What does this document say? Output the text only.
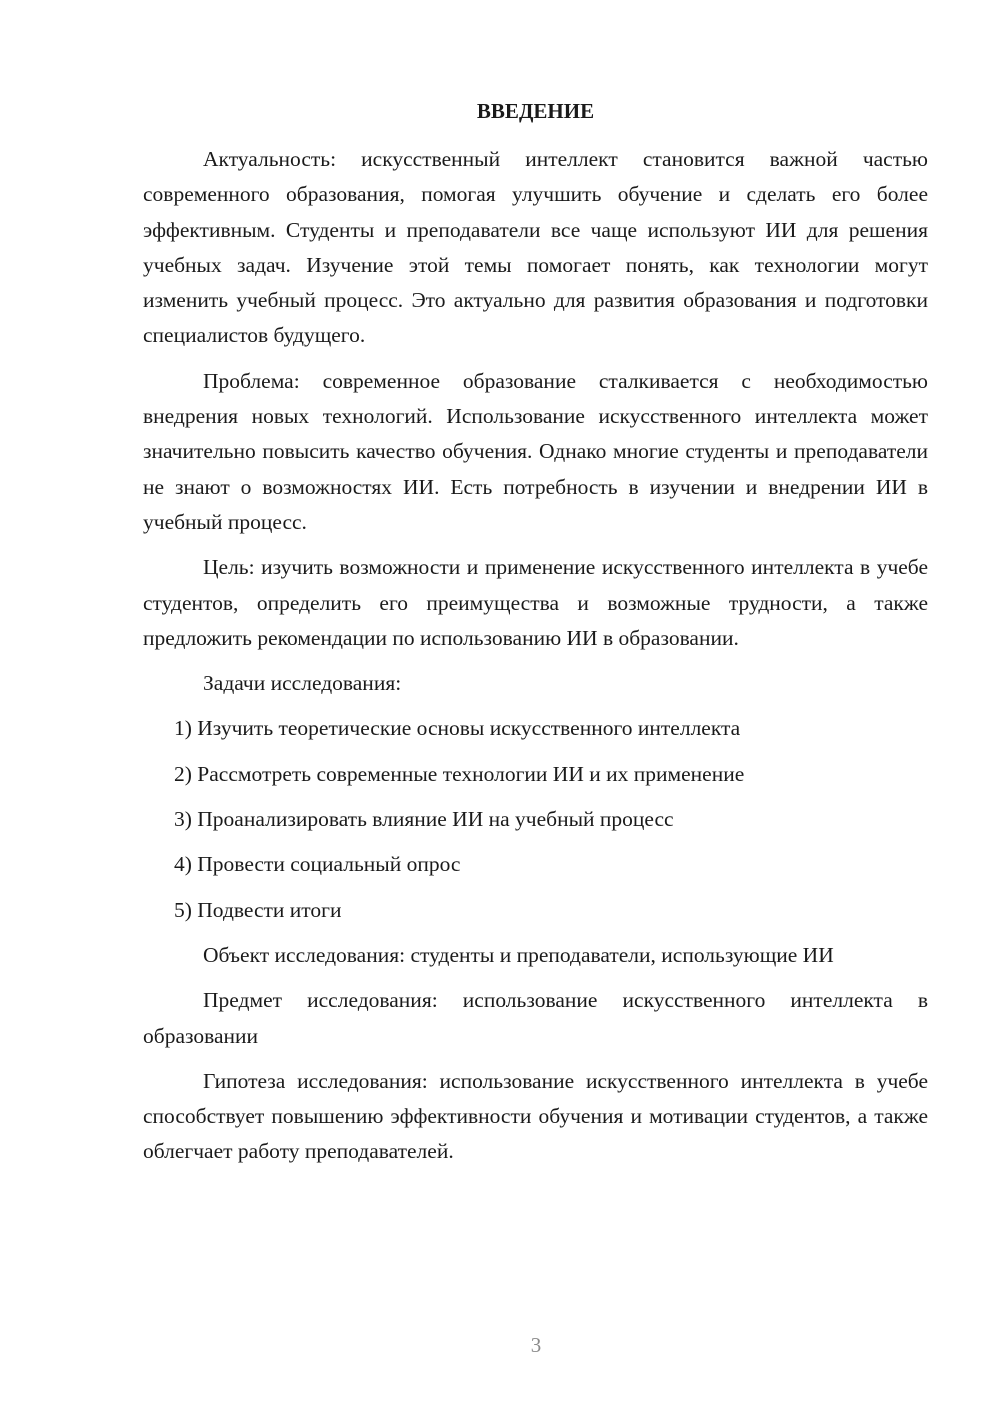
ВВЕДЕНИЕ

Актуальность: искусственный интеллект становится важной частью современного образования, помогая улучшить обучение и сделать его более эффективным. Студенты и преподаватели все чаще используют ИИ для решения учебных задач. Изучение этой темы помогает понять, как технологии могут изменить учебный процесс. Это актуально для развития образования и подготовки специалистов будущего.

Проблема: современное образование сталкивается с необходимостью внедрения новых технологий. Использование искусственного интеллекта может значительно повысить качество обучения. Однако многие студенты и преподаватели не знают о возможностях ИИ. Есть потребность в изучении и внедрении ИИ в учебный процесс.

Цель: изучить возможности и применение искусственного интеллекта в учебе студентов, определить его преимущества и возможные трудности, а также предложить рекомендации по использованию ИИ в образовании.

Задачи исследования:

1) Изучить теоретические основы искусственного интеллекта

2) Рассмотреть современные технологии ИИ и их применение

3) Проанализировать влияние ИИ на учебный процесс

4) Провести социальный опрос

5) Подвести итоги

Объект исследования: студенты и преподаватели, использующие ИИ

Предмет исследования: использование искусственного интеллекта в образовании

Гипотеза исследования: использование искусственного интеллекта в учебе способствует повышению эффективности обучения и мотивации студентов, а также облегчает работу преподавателей.

3
